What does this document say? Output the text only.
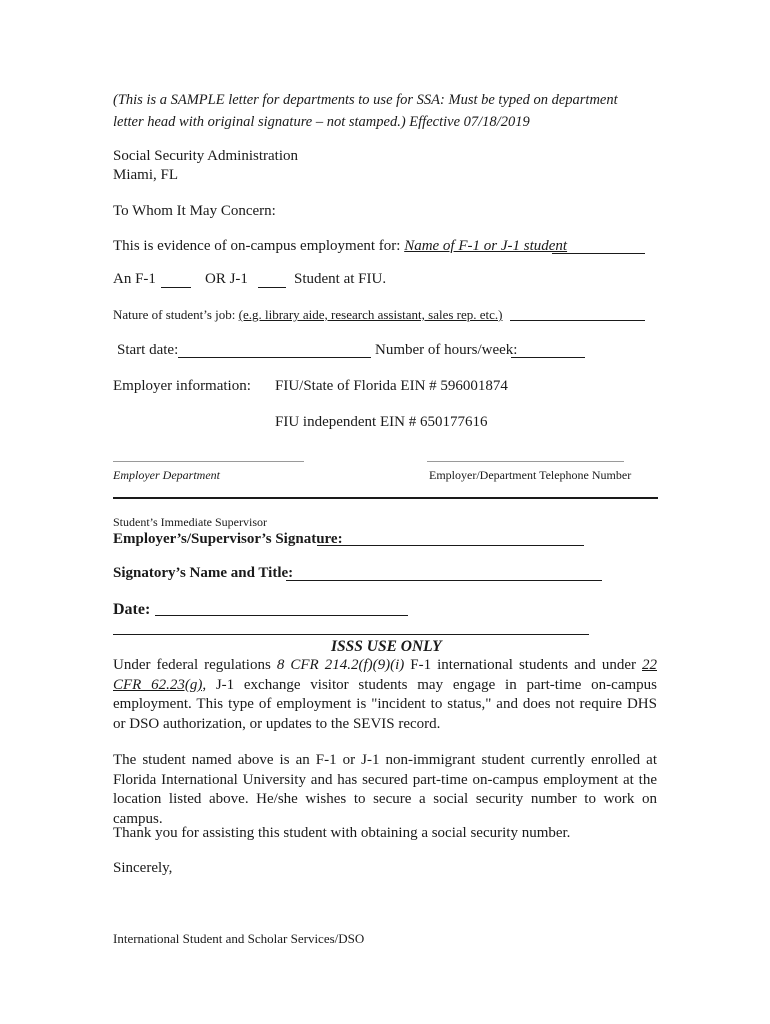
(This is a SAMPLE letter for departments to use for SSA: Must be typed on department
letter head with original signature – not stamped.) Effective 07/18/2019
Social Security Administration
Miami, FL
To Whom It May Concern:
This is evidence of on-campus employment for: Name of F-1 or J-1 student
An F-1	OR J-1	Student at FIU.
Nature of student’s job: (e.g. library aide, research assistant, sales rep. etc.)
Start date:	Number of hours/week:
Employer information: FIU/State of Florida EIN # 596001874
FIU independent EIN # 650177616
Employer Department	Employer/Department Telephone Number
Student’s Immediate Supervisor
Employer’s/Supervisor’s Signature:
Signatory’s Name and Title:
Date:
ISSS USE ONLY
Under federal regulations 8 CFR 214.2(f)(9)(i) F-1 international students and under 22 CFR 62.23(g), J-1 exchange visitor students may engage in part-time on-campus employment. This type of employment is "incident to status," and does not require DHS or DSO authorization, or updates to the SEVIS record.
The student named above is an F-1 or J-1 non-immigrant student currently enrolled at Florida International University and has secured part-time on-campus employment at the location listed above. He/she wishes to secure a social security number to work on campus.
Thank you for assisting this student with obtaining a social security number.
Sincerely,
International Student and Scholar Services/DSO
